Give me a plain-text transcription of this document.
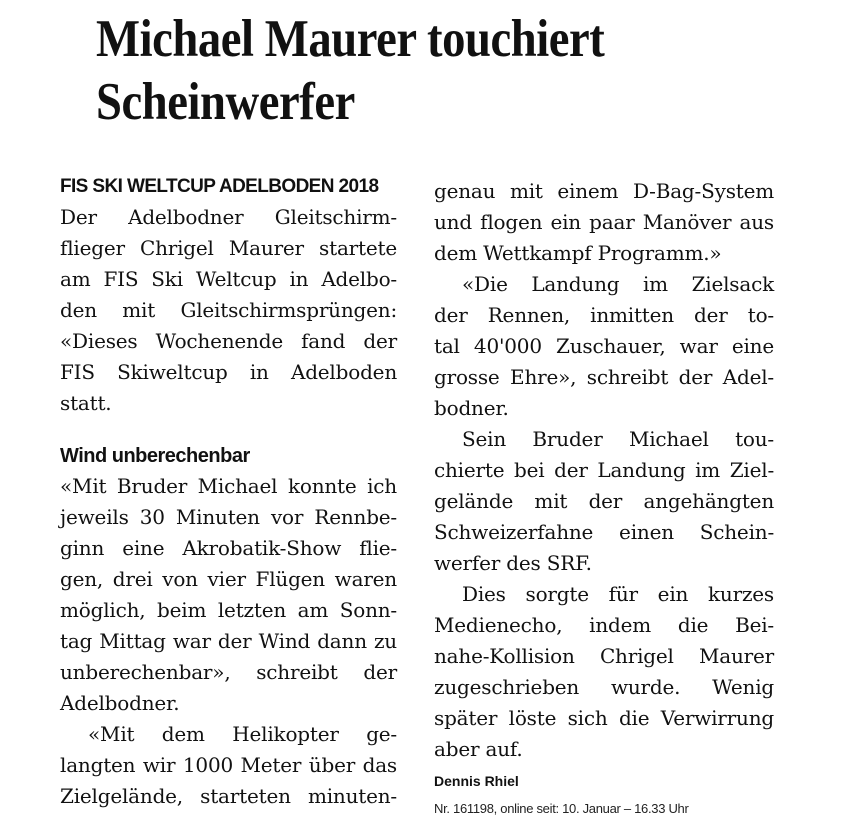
Michael Maurer touchiert
Scheinwerfer
FIS SKI WELTCUP ADELBODEN 2018
Der Adelbodner Gleitschirm-
flieger Chrigel Maurer startete
am FIS Ski Weltcup in Adelbo-
den mit Gleitschirmsprüngen:
«Dieses Wochenende fand der
FIS Skiweltcup in Adelboden
statt.
Wind unberechenbar
«Mit Bruder Michael konnte ich
jeweils 30 Minuten vor Rennbe-
ginn eine Akrobatik-Show flie-
gen, drei von vier Flügen waren
möglich, beim letzten am Sonn-
tag Mittag war der Wind dann zu
unberechenbar», schreibt der
Adelbodner.
«Mit dem Helikopter ge-
langten wir 1000 Meter über das
Zielgelände, starteten minuten-
genau mit einem D-Bag-System
und flogen ein paar Manöver aus
dem Wettkampf Programm.»
«Die Landung im Zielsack
der Rennen, inmitten der to-
tal 40'000 Zuschauer, war eine
grosse Ehre», schreibt der Adel-
bodner.
Sein Bruder Michael tou-
chierte bei der Landung im Ziel-
gelände mit der angehängten
Schweizerfahne einen Schein-
werfer des SRF.
Dies sorgte für ein kurzes
Medienecho, indem die Bei-
nahe-Kollision Chrigel Maurer
zugeschrieben wurde. Wenig
später löste sich die Verwirrung
aber auf.
Dennis Rhiel
Nr. 161198, online seit: 10. Januar – 16.33 Uhr
